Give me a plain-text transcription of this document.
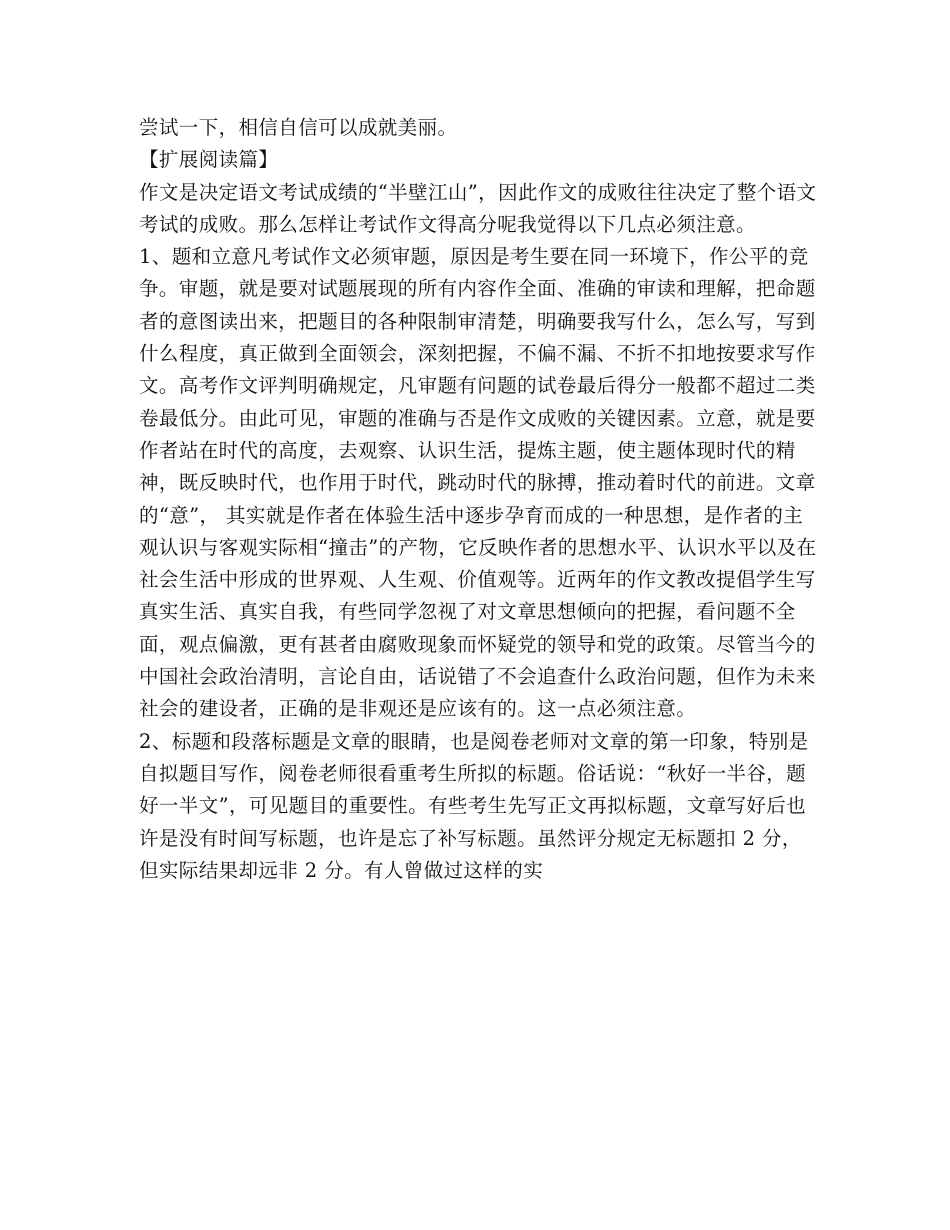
尝试一下，相信自信可以成就美丽。

【扩展阅读篇】

作文是决定语文考试成绩的“半壁江山”，因此作文的成败往往决定了整个语文考试的成败。那么怎样让考试作文得高分呢我觉得以下几点必须注意。

1、题和立意凡考试作文必须审题，原因是考生要在同一环境下，作公平的竞争。审题，就是要对试题展现的所有内容作全面、准确的审读和理解，把命题者的意图读出来，把题目的各种限制审清楚，明确要我写什么，怎么写，写到什么程度，真正做到全面领会，深刻把握，不偏不漏、不折不扣地按要求写作文。高考作文评判明确规定，凡审题有问题的试卷最后得分一般都不超过二类卷最低分。由此可见，审题的准确与否是作文成败的关键因素。立意，就是要作者站在时代的高度，去观察、认识生活，提炼主题，使主题体现时代的精神，既反映时代，也作用于时代，跳动时代的脉搏，推动着时代的前进。文章的“意”， 其实就是作者在体验生活中逐步孕育而成的一种思想，是作者的主观认识与客观实际相“撞击”的产物，它反映作者的思想水平、认识水平以及在社会生活中形成的世界观、人生观、价值观等。近两年的作文教改提倡学生写真实生活、真实自我，有些同学忽视了对文章思想倾向的把握，看问题不全面，观点偏激，更有甚者由腐败现象而怀疑党的领导和党的政策。尽管当今的中国社会政治清明，言论自由，话说错了不会追查什么政治问题，但作为未来社会的建设者，正确的是非观还是应该有的。这一点必须注意。

2、标题和段落标题是文章的眼睛，也是阅卷老师对文章的第一印象，特别是自拟题目写作，阅卷老师很看重考生所拟的标题。俗话说：“秋好一半谷，题好一半文”，可见题目的重要性。有些考生先写正文再拟标题，文章写好后也许是没有时间写标题，也许是忘了补写标题。虽然评分规定无标题扣 2 分，但实际结果却远非 2 分。有人曾做过这样的实
